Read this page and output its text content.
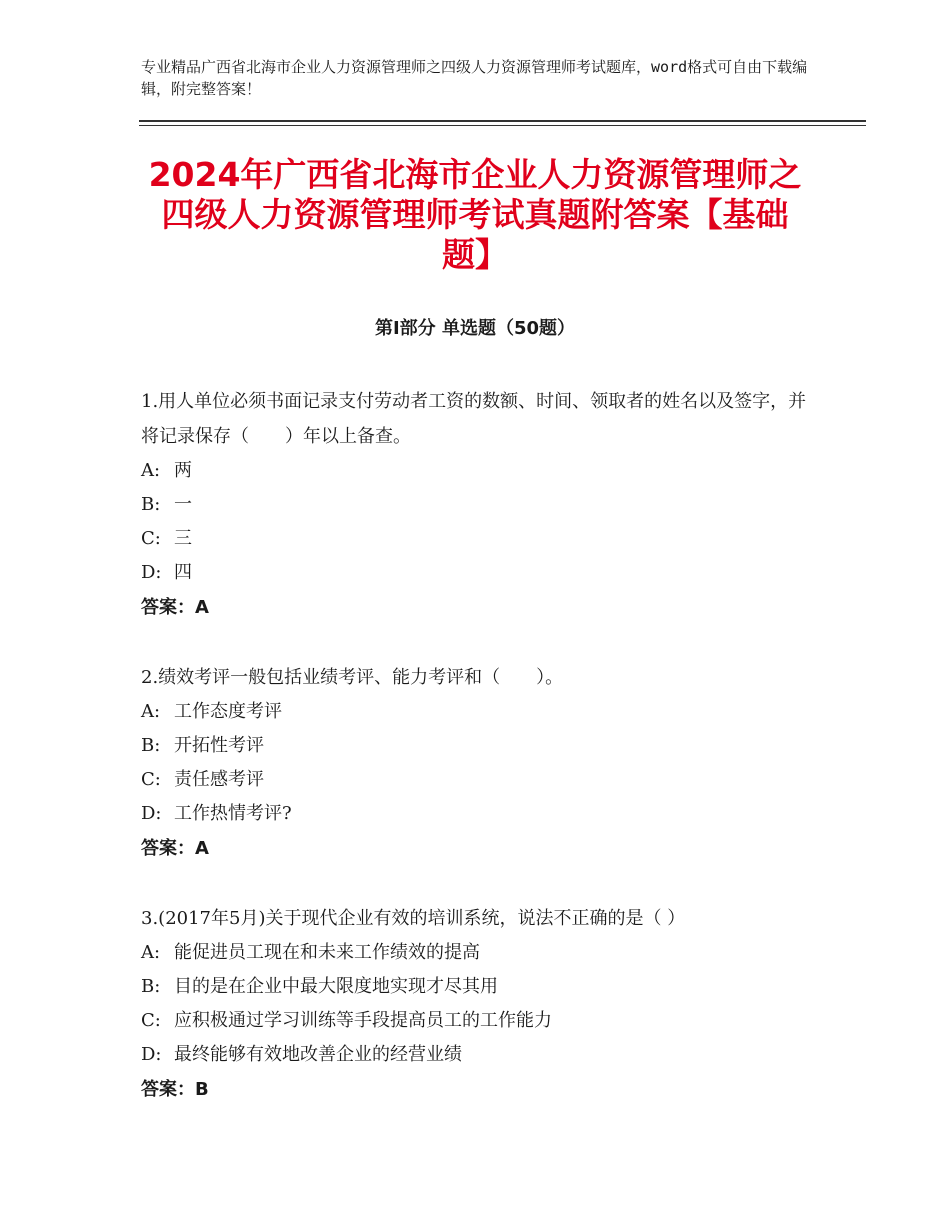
专业精品广西省北海市企业人力资源管理师之四级人力资源管理师考试题库，word格式可自由下载编辑，附完整答案！
2024年广西省北海市企业人力资源管理师之四级人力资源管理师考试真题附答案【基础题】
第Ⅰ部分 单选题（50题）

1.用人单位必须书面记录支付劳动者工资的数额、时间、领取者的姓名以及签字，并将记录保存（　　）年以上备查。

A: 两

B: 一

C: 三

D: 四

答案：A

2.绩效考评一般包括业绩考评、能力考评和（　　）。

A: 工作态度考评

B: 开拓性考评

C: 责任感考评

D: 工作热情考评?

答案：A

3.(2017年5月)关于现代企业有效的培训系统，说法不正确的是（ ）

A: 能促进员工现在和未来工作绩效的提高

B: 目的是在企业中最大限度地实现才尽其用

C: 应积极通过学习训练等手段提高员工的工作能力

D: 最终能够有效地改善企业的经营业绩

答案：B
